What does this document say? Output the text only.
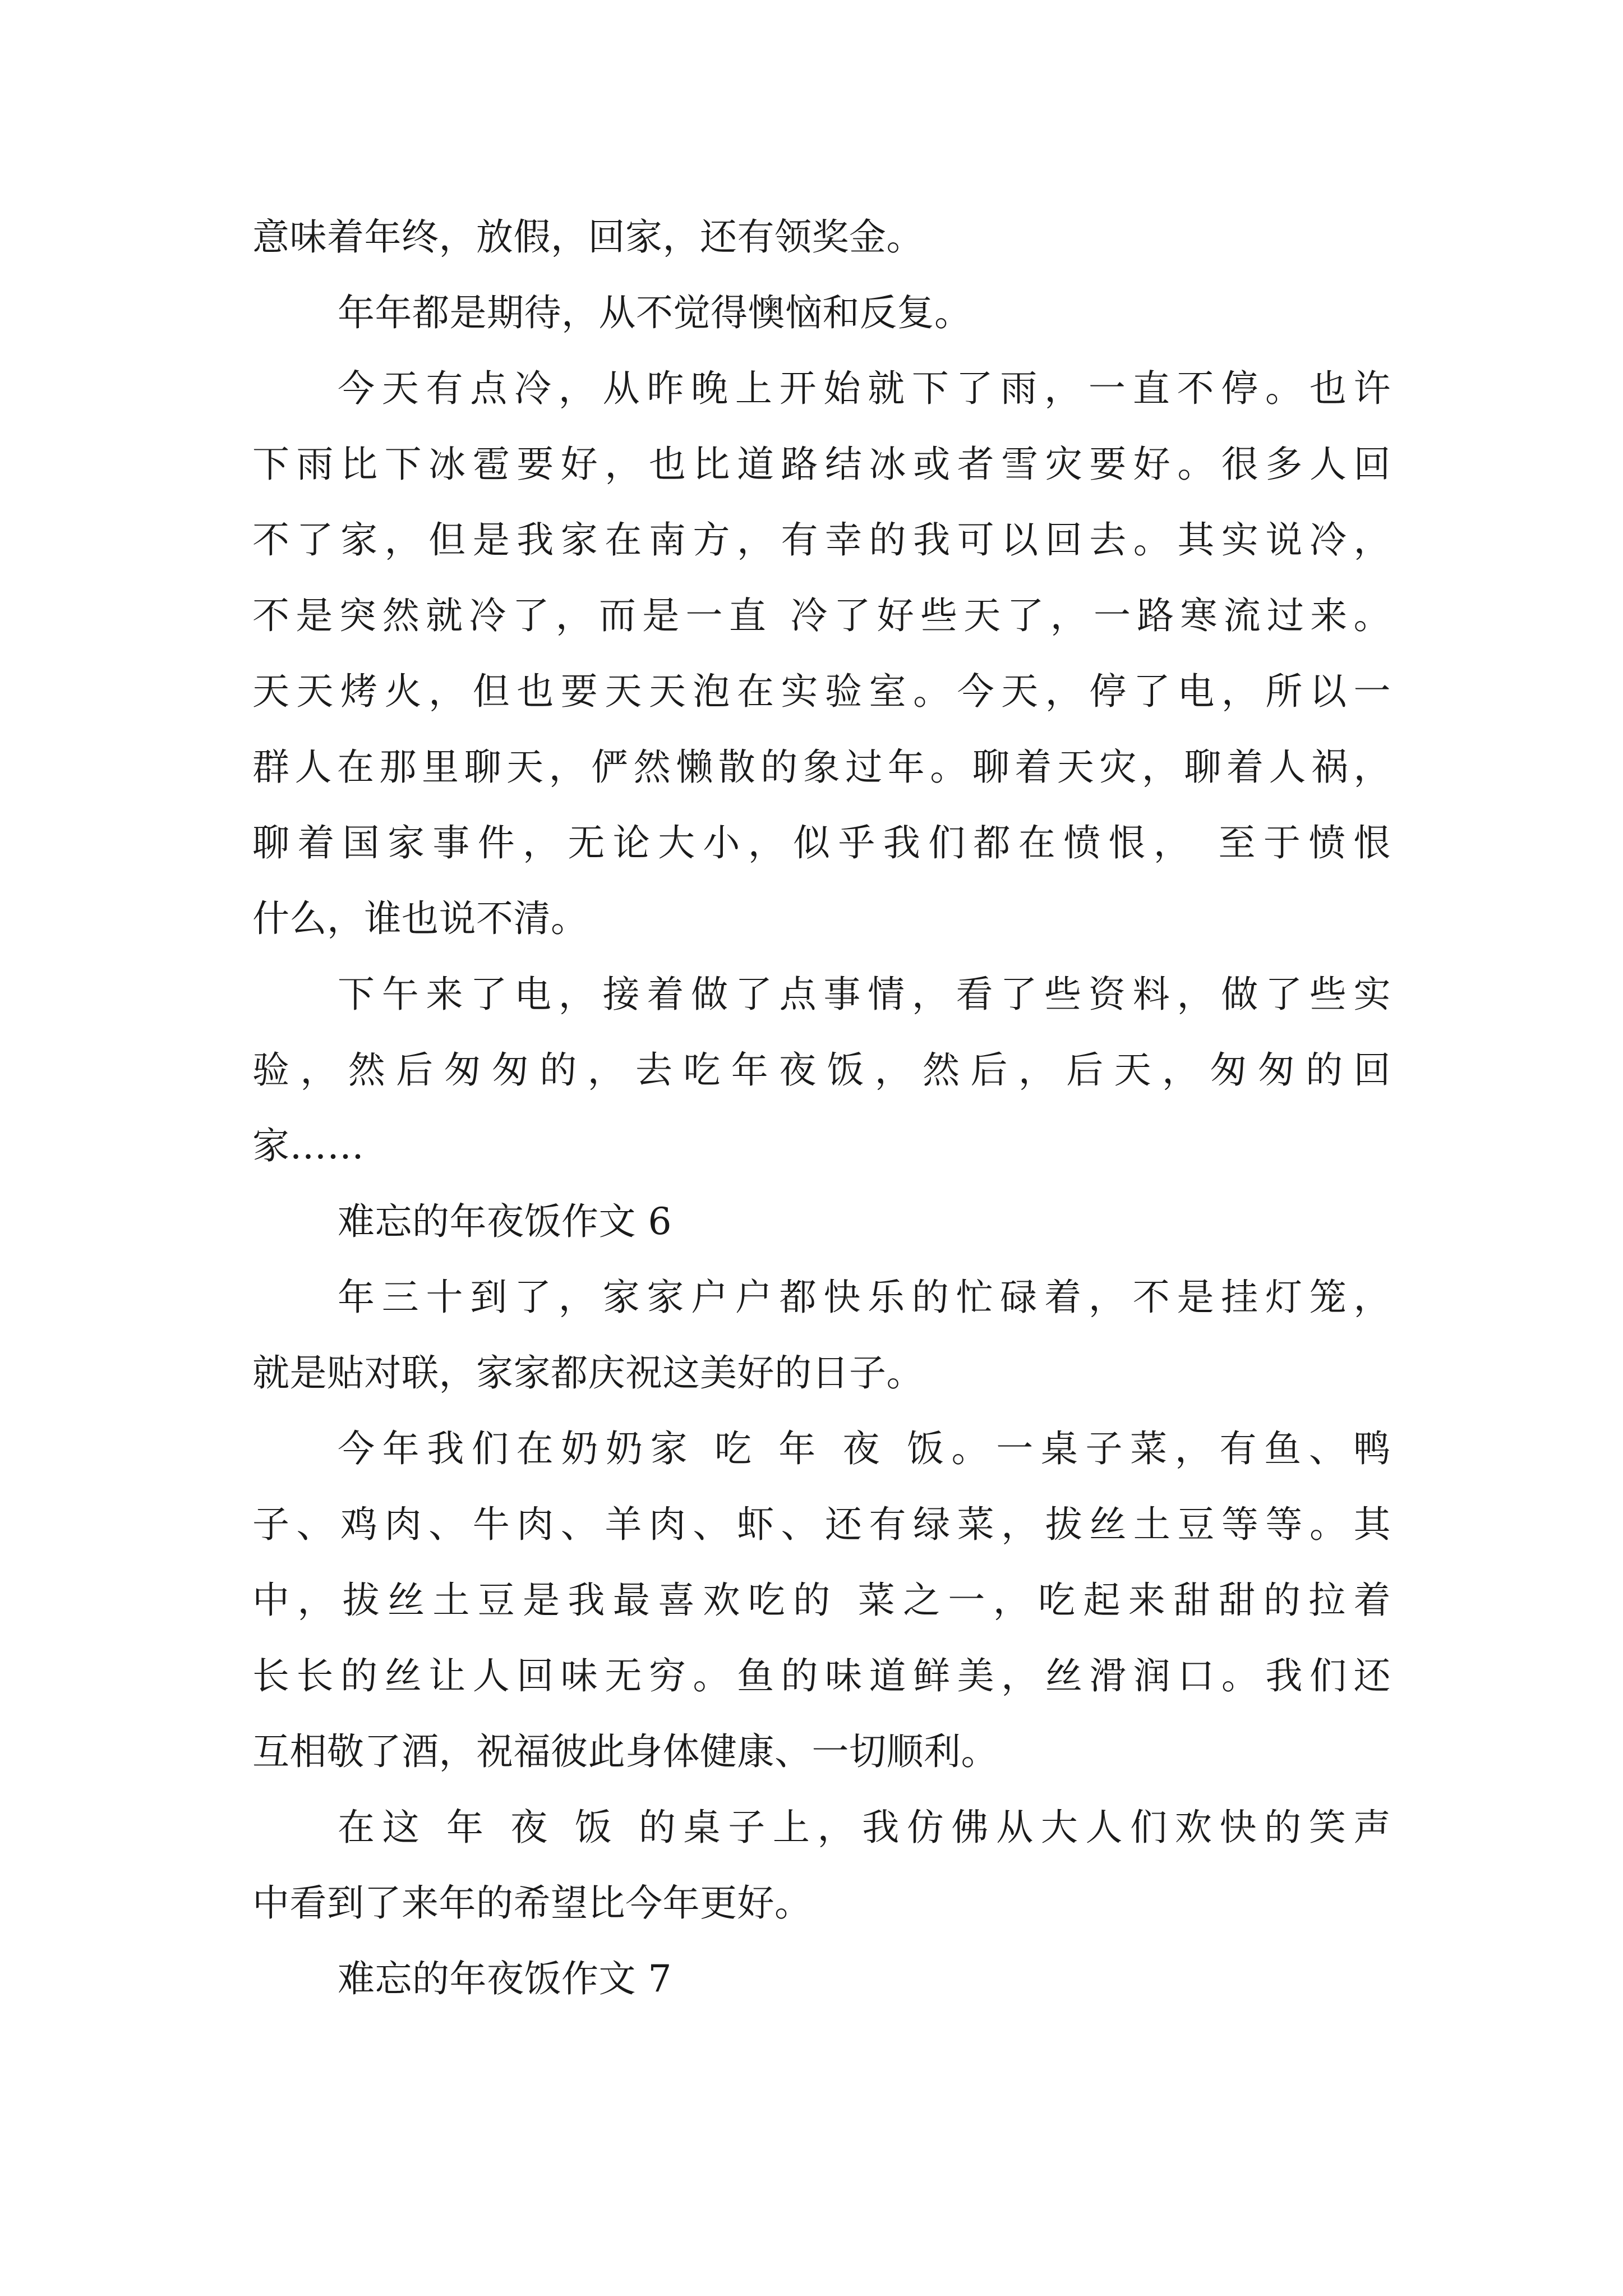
意味着年终，放假，回家，还有领奖金。
年年都是期待，从不觉得懊恼和反复。
今天有点冷，从昨晚上开始就下了雨，一直不停。也许
下雨比下冰雹要好，也比道路结冰或者雪灾要好。很多人回
不了家，但是我家在南方，有幸的我可以回去。其实说冷，
不是突然就冷了，而是一直 冷了好些天了，一路寒流过来。
天天烤火，但也要天天泡在实验室。今天，停了电，所以一
群人在那里聊天，俨然懒散的象过年。聊着天灾，聊着人祸，
聊着国家事件，无论大小，似乎我们都在愤恨， 至于愤恨
什么，谁也说不清。
下午来了电，接着做了点事情，看了些资料，做了些实
验，然后匆匆的，去吃年夜饭，然后，后天，匆匆的回
家……
难忘的年夜饭作文 6
年三十到了，家家户户都快乐的忙碌着，不是挂灯笼，
就是贴对联，家家都庆祝这美好的日子。
今年我们在奶奶家 吃 年 夜 饭。一桌子菜，有鱼、鸭
子、鸡肉、牛肉、羊肉、虾、还有绿菜，拔丝土豆等等。其
中，拔丝土豆是我最喜欢吃的 菜之一，吃起来甜甜的拉着
长长的丝让人回味无穷。鱼的味道鲜美，丝滑润口。我们还
互相敬了酒，祝福彼此身体健康、一切顺利。
在这 年 夜 饭 的桌子上，我仿佛从大人们欢快的笑声
中看到了来年的希望比今年更好。
难忘的年夜饭作文 7
